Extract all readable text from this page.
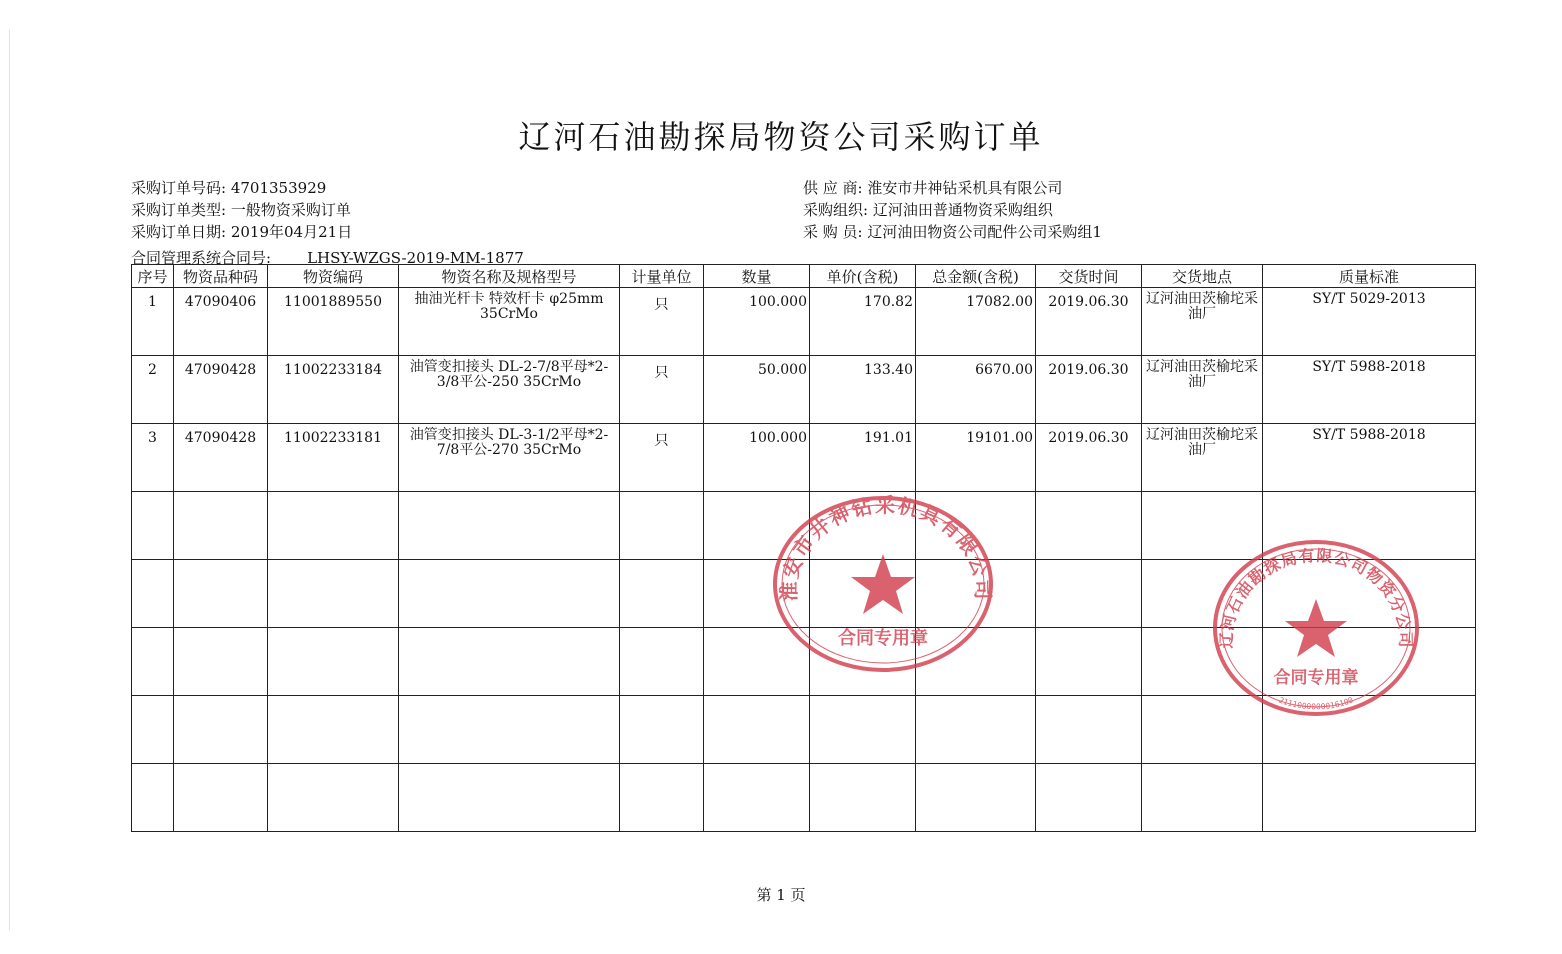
辽河石油勘探局物资公司采购订单
采购订单号码: 4701353929
采购订单类型: 一般物资采购订单
采购订单日期: 2019年04月21日
供 应 商: 淮安市井神钻采机具有限公司
采购组织: 辽河油田普通物资采购组织
采 购 员: 辽河油田物资公司配件公司采购组1
合同管理系统合同号: LHSY-WZGS-2019-MM-1877
序号	物资品种码	物资编码	物资名称及规格型号	计量单位	数量	单价(含税)	总金额(含税)	交货时间	交货地点	质量标准

1	47090406	11001889550	抽油光杆卡 特效杆卡 φ25mm 35CrMo	只	100.000	170.82	17082.00	2019.06.30	辽河油田茨榆坨采油厂	SY/T 5029-2013

2	47090428	11002233184	油管变扣接头 DL-2-7/8平母*2-3/8平公-250 35CrMo	只	50.000	133.40	6670.00	2019.06.30	辽河油田茨榆坨采油厂	SY/T 5988-2018

3	47090428	11002233181	油管变扣接头 DL-3-1/2平母*2-7/8平公-270 35CrMo	只	100.000	191.01	19101.00	2019.06.30	辽河油田茨榆坨采油厂	SY/T 5988-2018

淮安市井神钻采机具有限公司
合同专用章	辽河石油勘探局有限公司物资分公司
合同专用章
2111000000016100
第 1 页
